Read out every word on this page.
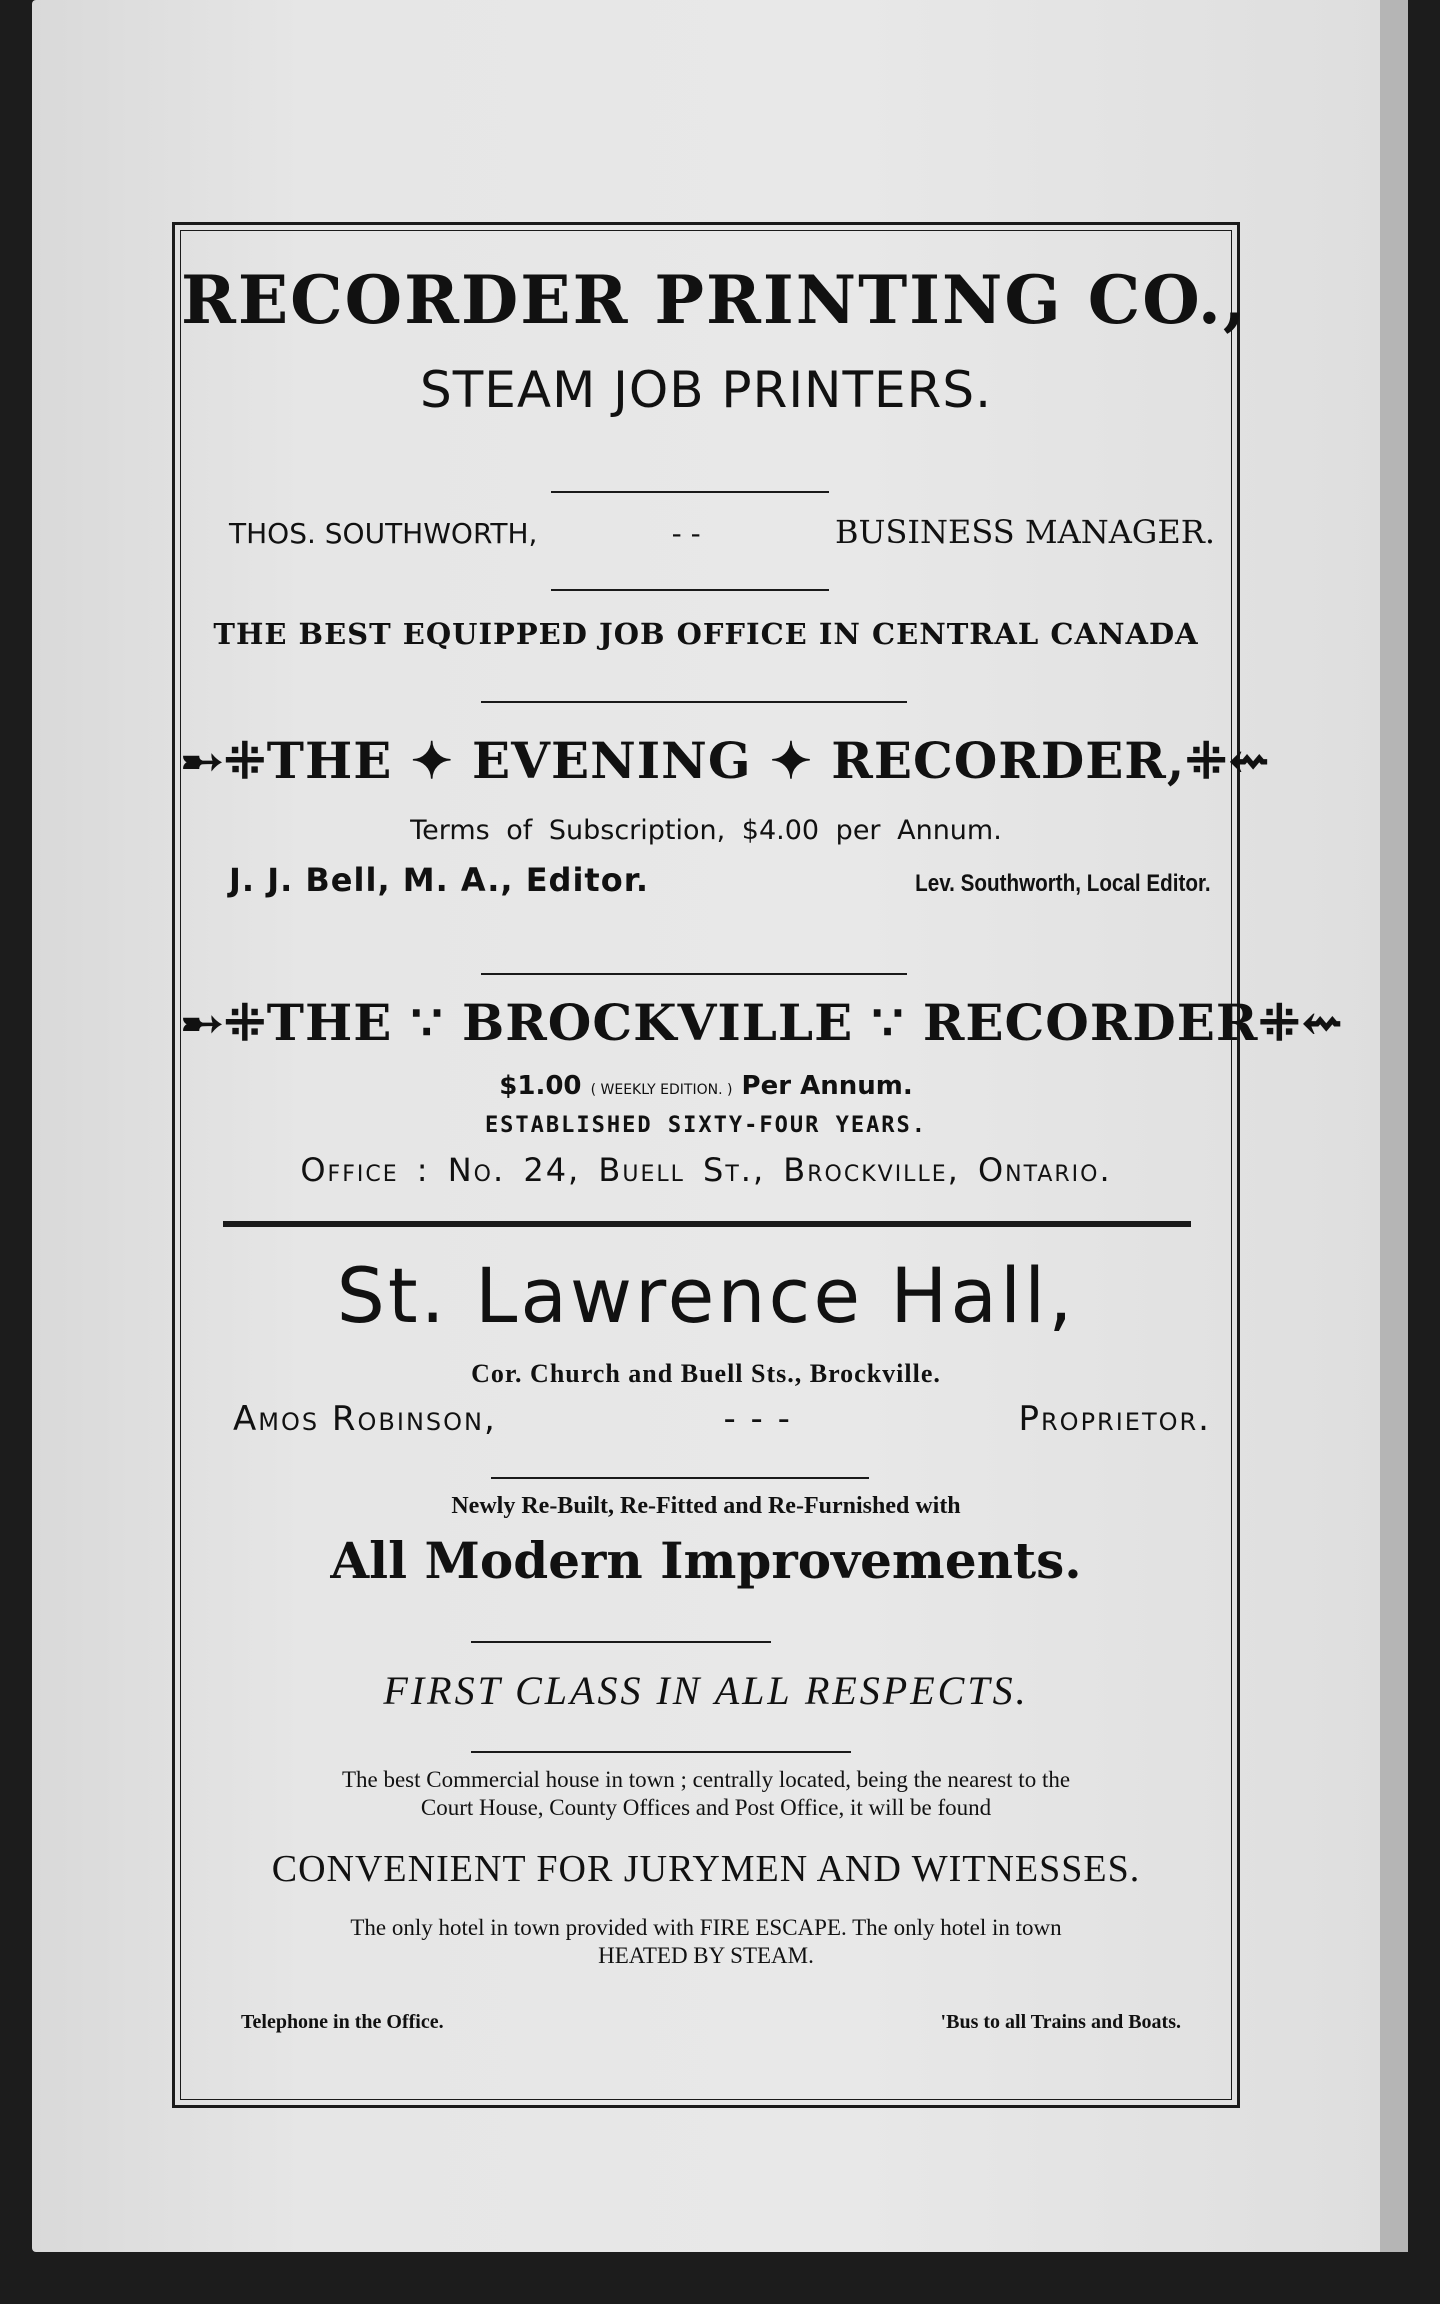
RECORDER PRINTING CO.,
STEAM JOB PRINTERS.
THOS. SOUTHWORTH,	- -	BUSINESS MANAGER.
THE BEST EQUIPPED JOB OFFICE IN CENTRAL CANADA
➸⁜THE ✦ EVENING ✦ RECORDER,⁜⇜
Terms of Subscription, $4.00 per Annum.
J. J. Bell, M. A., Editor.	Lev. Southworth, Local Editor.
➸⁜THE ∵ BROCKVILLE ∵ RECORDER⁜⇜
$1.00 ( WEEKLY EDITION. ) Per Annum.
ESTABLISHED SIXTY-FOUR YEARS.
Office : No. 24, Buell St., Brockville, Ontario.
St. Lawrence Hall,
Cor. Church and Buell Sts., Brockville.
Amos Robinson,	- - -	Proprietor.
Newly Re-Built, Re-Fitted and Re-Furnished with
All Modern Improvements.
FIRST CLASS IN ALL RESPECTS.
The best Commercial house in town ; centrally located, being the nearest to the
Court House, County Offices and Post Office, it will be found
CONVENIENT FOR JURYMEN AND WITNESSES.
The only hotel in town provided with FIRE ESCAPE. The only hotel in town
HEATED BY STEAM.
Telephone in the Office.	'Bus to all Trains and Boats.
